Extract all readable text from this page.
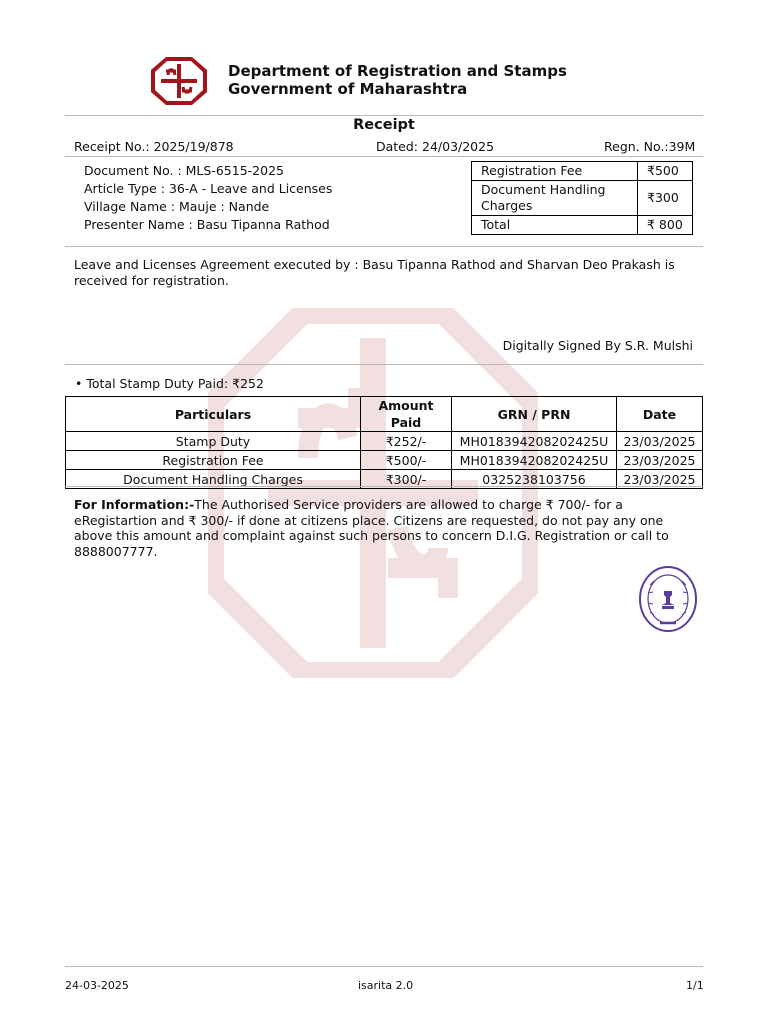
Department of Registration and Stamps
Government of Maharashtra
Receipt
Receipt No.: 2025/19/878	Dated: 24/03/2025	Regn. No.:39M
Document No. : MLS-6515-2025
Article Type : 36-A - Leave and Licenses
Village Name : Mauje : Nande
Presenter Name : Basu Tipanna Rathod
Registration Fee	₹500
Document Handling Charges	₹300
Total	₹ 800
Leave and Licenses Agreement executed by : Basu Tipanna Rathod and Sharvan Deo Prakash is received for registration.
Digitally Signed By S.R. Mulshi
• Total Stamp Duty Paid: ₹252
Particulars	Amount Paid	GRN / PRN	Date
Stamp Duty	₹252/-	MH018394208202425U	23/03/2025
Registration Fee	₹500/-	MH018394208202425U	23/03/2025
Document Handling Charges	₹300/-	0325238103756	23/03/2025
For Information:-The Authorised Service providers are allowed to charge ₹ 700/- for a eRegistartion and ₹ 300/- if done at citizens place. Citizens are requested, do not pay any one above this amount and complaint against such persons to concern D.I.G. Registration or call to 8888007777.
24-03-2025	isarita 2.0	1/1
